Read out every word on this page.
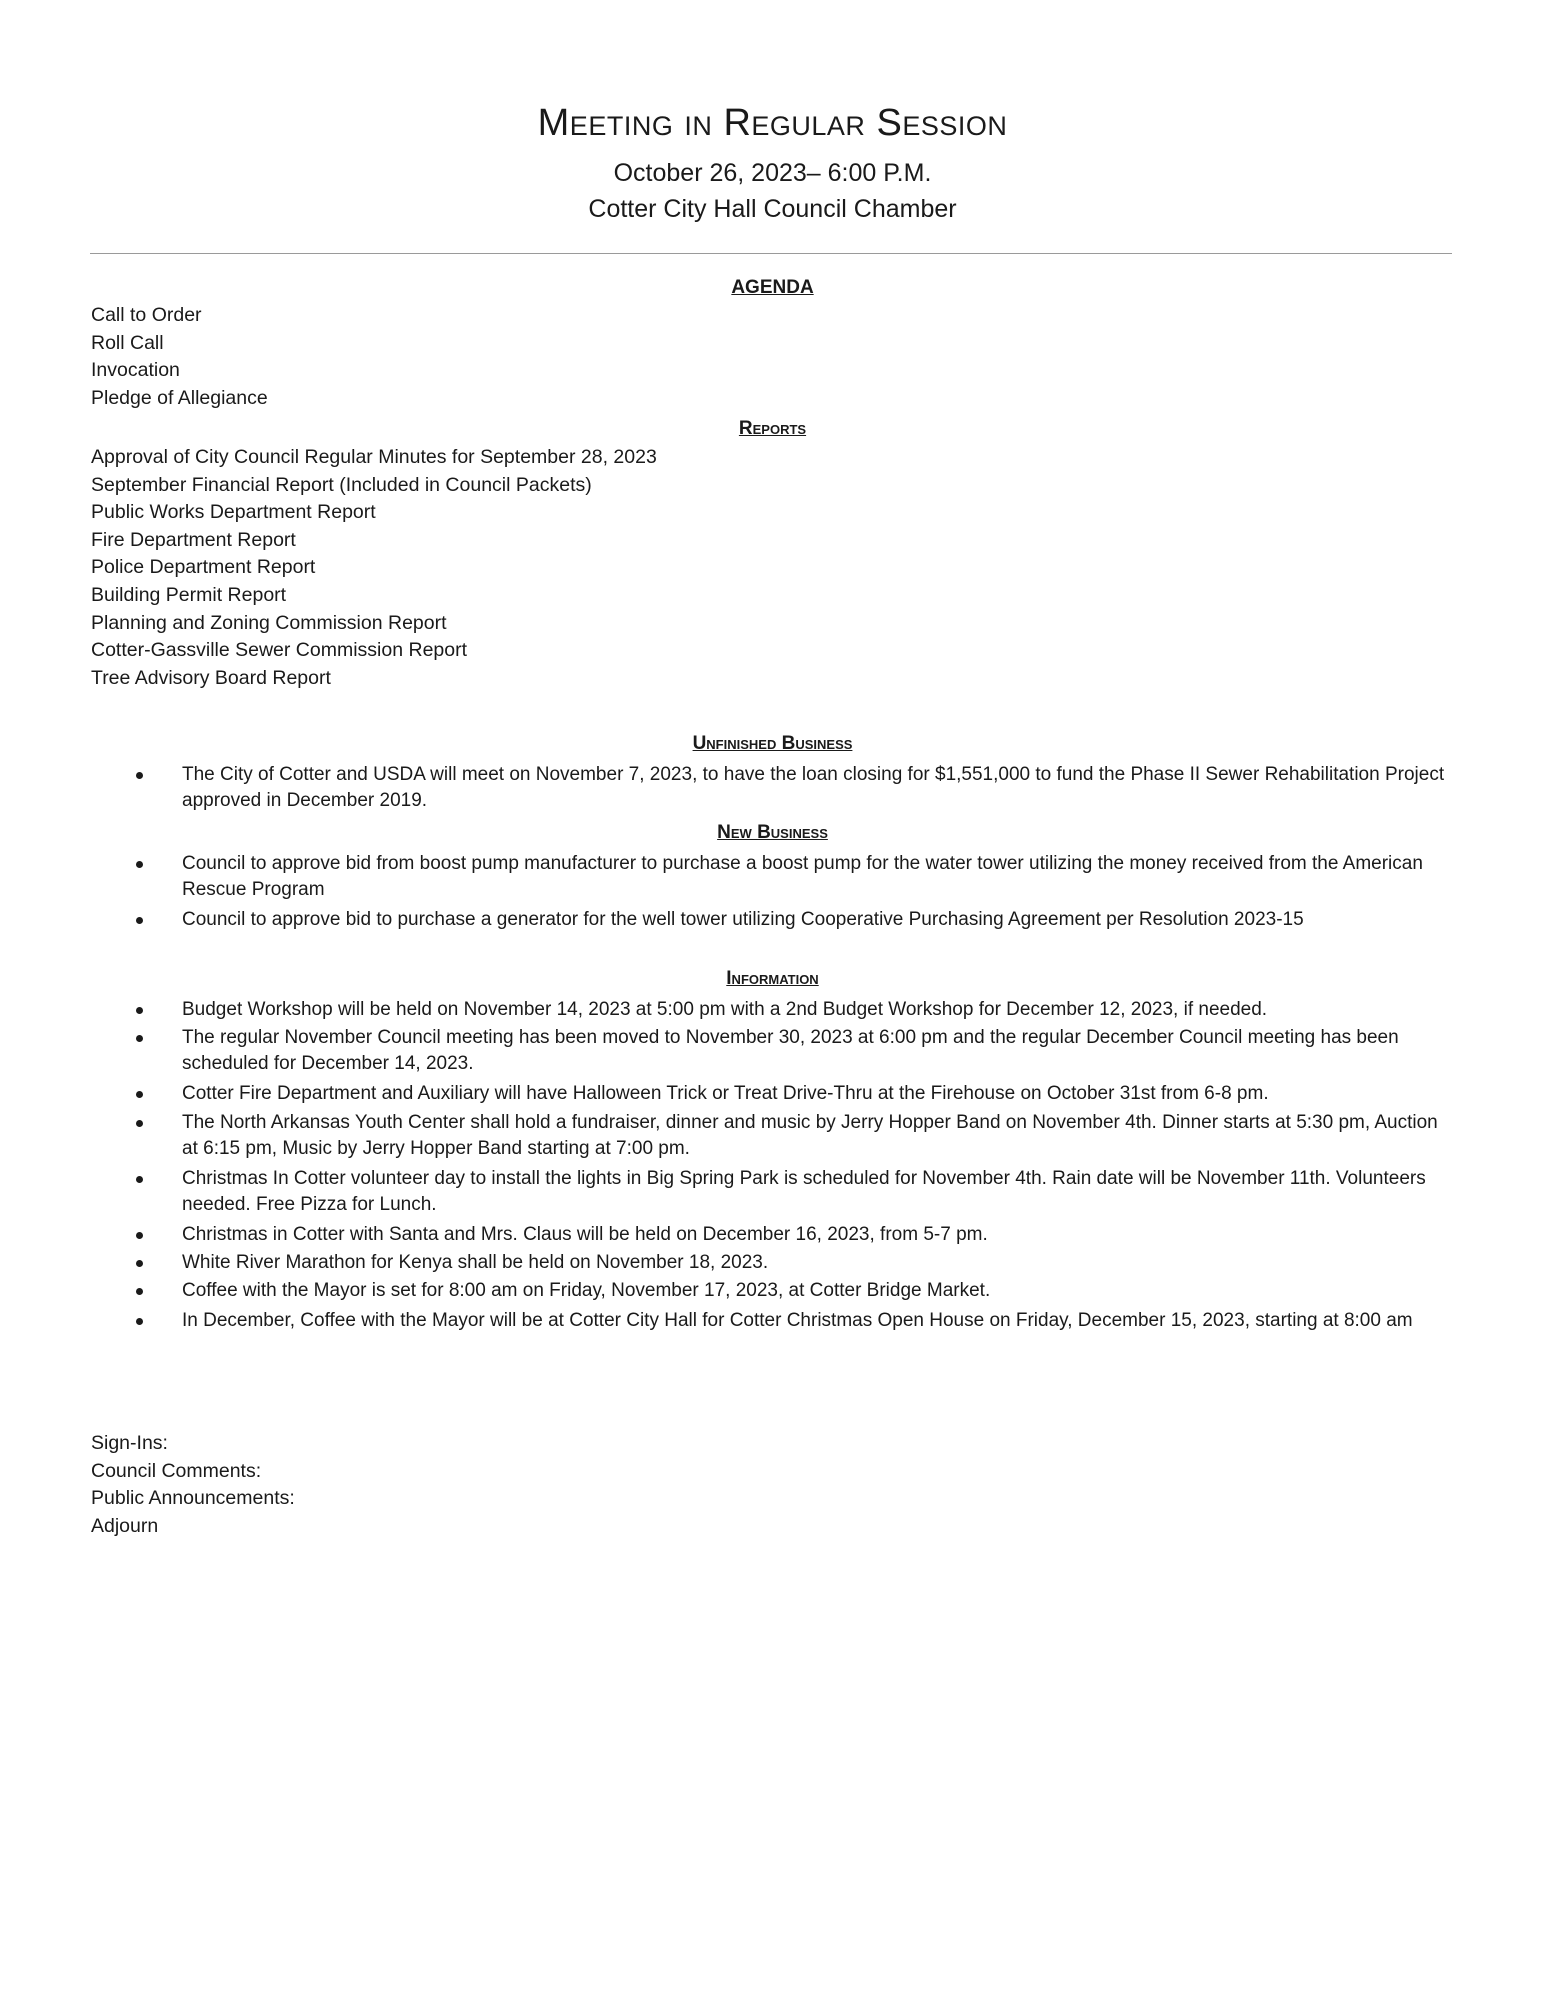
Meeting in Regular Session
October 26, 2023– 6:00 P.M.
Cotter City Hall Council Chamber
AGENDA
Call to Order
Roll Call
Invocation
Pledge of Allegiance
Reports
Approval of City Council Regular Minutes for September 28, 2023
September Financial Report (Included in Council Packets)
Public Works Department Report
Fire Department Report
Police Department Report
Building Permit Report
Planning and Zoning Commission Report
Cotter-Gassville Sewer Commission Report
Tree Advisory Board Report
Unfinished Business
The City of Cotter and USDA will meet on November 7, 2023, to have the loan closing for $1,551,000 to fund the Phase II Sewer Rehabilitation Project approved in December 2019.
New Business
Council to approve bid from boost pump manufacturer to purchase a boost pump for the water tower utilizing the money received from the American Rescue Program
Council to approve bid to purchase a generator for the well tower utilizing Cooperative Purchasing Agreement per Resolution 2023-15
Information
Budget Workshop will be held on November 14, 2023 at 5:00 pm with a 2nd Budget Workshop for December 12, 2023, if needed.
The regular November Council meeting has been moved to November 30, 2023 at 6:00 pm and the regular December Council meeting has been scheduled for December 14, 2023.
Cotter Fire Department and Auxiliary will have Halloween Trick or Treat Drive-Thru at the Firehouse on October 31st from 6-8 pm.
The North Arkansas Youth Center shall hold a fundraiser, dinner and music by Jerry Hopper Band on November 4th. Dinner starts at 5:30 pm, Auction at 6:15 pm, Music by Jerry Hopper Band starting at 7:00 pm.
Christmas In Cotter volunteer day to install the lights in Big Spring Park is scheduled for November 4th. Rain date will be November 11th. Volunteers needed. Free Pizza for Lunch.
Christmas in Cotter with Santa and Mrs. Claus will be held on December 16, 2023, from 5-7 pm.
White River Marathon for Kenya shall be held on November 18, 2023.
Coffee with the Mayor is set for 8:00 am on Friday, November 17, 2023, at Cotter Bridge Market.
In December, Coffee with the Mayor will be at Cotter City Hall for Cotter Christmas Open House on Friday, December 15, 2023, starting at 8:00 am
Sign-Ins:
Council Comments:
Public Announcements:
Adjourn
